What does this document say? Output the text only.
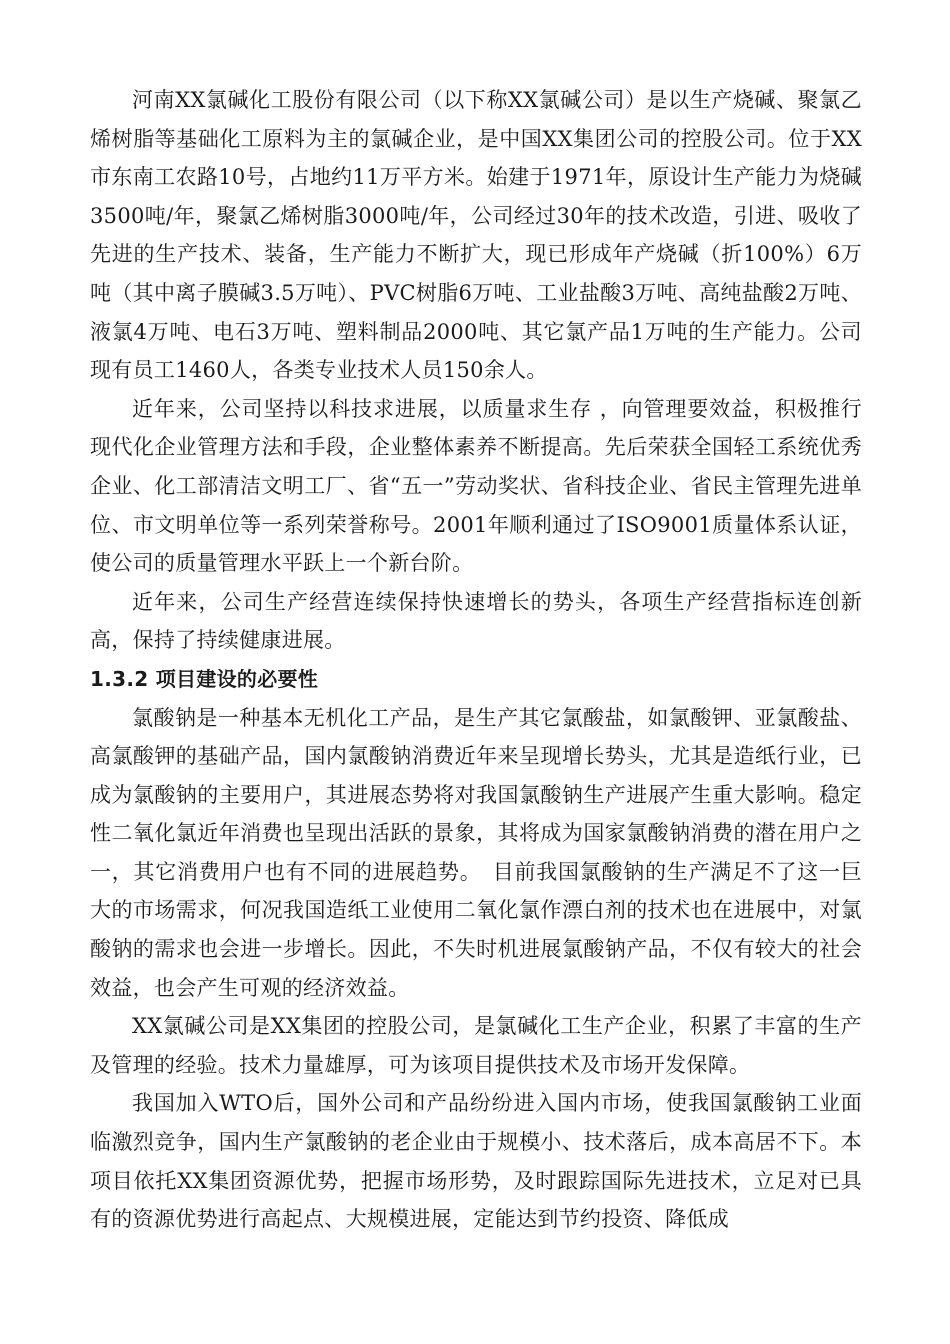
河南XX氯碱化工股份有限公司（以下称XX氯碱公司）是以生产烧碱、聚氯乙烯树脂等基础化工原料为主的氯碱企业，是中国XX集团公司的控股公司。位于XX市东南工农路10号，占地约11万平方米。始建于1971年，原设计生产能力为烧碱3500吨/年，聚氯乙烯树脂3000吨/年，公司经过30年的技术改造，引进、吸收了先进的生产技术、装备，生产能力不断扩大，现已形成年产烧碱（折100%）6万吨（其中离子膜碱3.5万吨）、PVC树脂6万吨、工业盐酸3万吨、高纯盐酸2万吨、液氯4万吨、电石3万吨、塑料制品2000吨、其它氯产品1万吨的生产能力。公司现有员工1460人，各类专业技术人员150余人。

近年来，公司坚持以科技求进展，以质量求生存 ，向管理要效益，积极推行现代化企业管理方法和手段，企业整体素养不断提高。先后荣获全国轻工系统优秀企业、化工部清洁文明工厂、省“五一”劳动奖状、省科技企业、省民主管理先进单位、市文明单位等一系列荣誉称号。2001年顺利通过了ISO9001质量体系认证，使公司的质量管理水平跃上一个新台阶。

近年来，公司生产经营连续保持快速增长的势头，各项生产经营指标连创新高，保持了持续健康进展。

1.3.2 项目建设的必要性

氯酸钠是一种基本无机化工产品，是生产其它氯酸盐，如氯酸钾、亚氯酸盐、高氯酸钾的基础产品，国内氯酸钠消费近年来呈现增长势头，尤其是造纸行业，已成为氯酸钠的主要用户，其进展态势将对我国氯酸钠生产进展产生重大影响。稳定性二氧化氯近年消费也呈现出活跃的景象，其将成为国家氯酸钠消费的潜在用户之一，其它消费用户也有不同的进展趋势。　目前我国氯酸钠的生产满足不了这一巨大的市场需求，何况我国造纸工业使用二氧化氯作漂白剂的技术也在进展中，对氯酸钠的需求也会进一步增长。因此，不失时机进展氯酸钠产品，不仅有较大的社会效益，也会产生可观的经济效益。

XX氯碱公司是XX集团的控股公司，是氯碱化工生产企业，积累了丰富的生产及管理的经验。技术力量雄厚，可为该项目提供技术及市场开发保障。

我国加入WTO后，国外公司和产品纷纷进入国内市场，使我国氯酸钠工业面临激烈竞争，国内生产氯酸钠的老企业由于规模小、技术落后，成本高居不下。本项目依托XX集团资源优势，把握市场形势，及时跟踪国际先进技术，立足对已具有的资源优势进行高起点、大规模进展，定能达到节约投资、降低成
